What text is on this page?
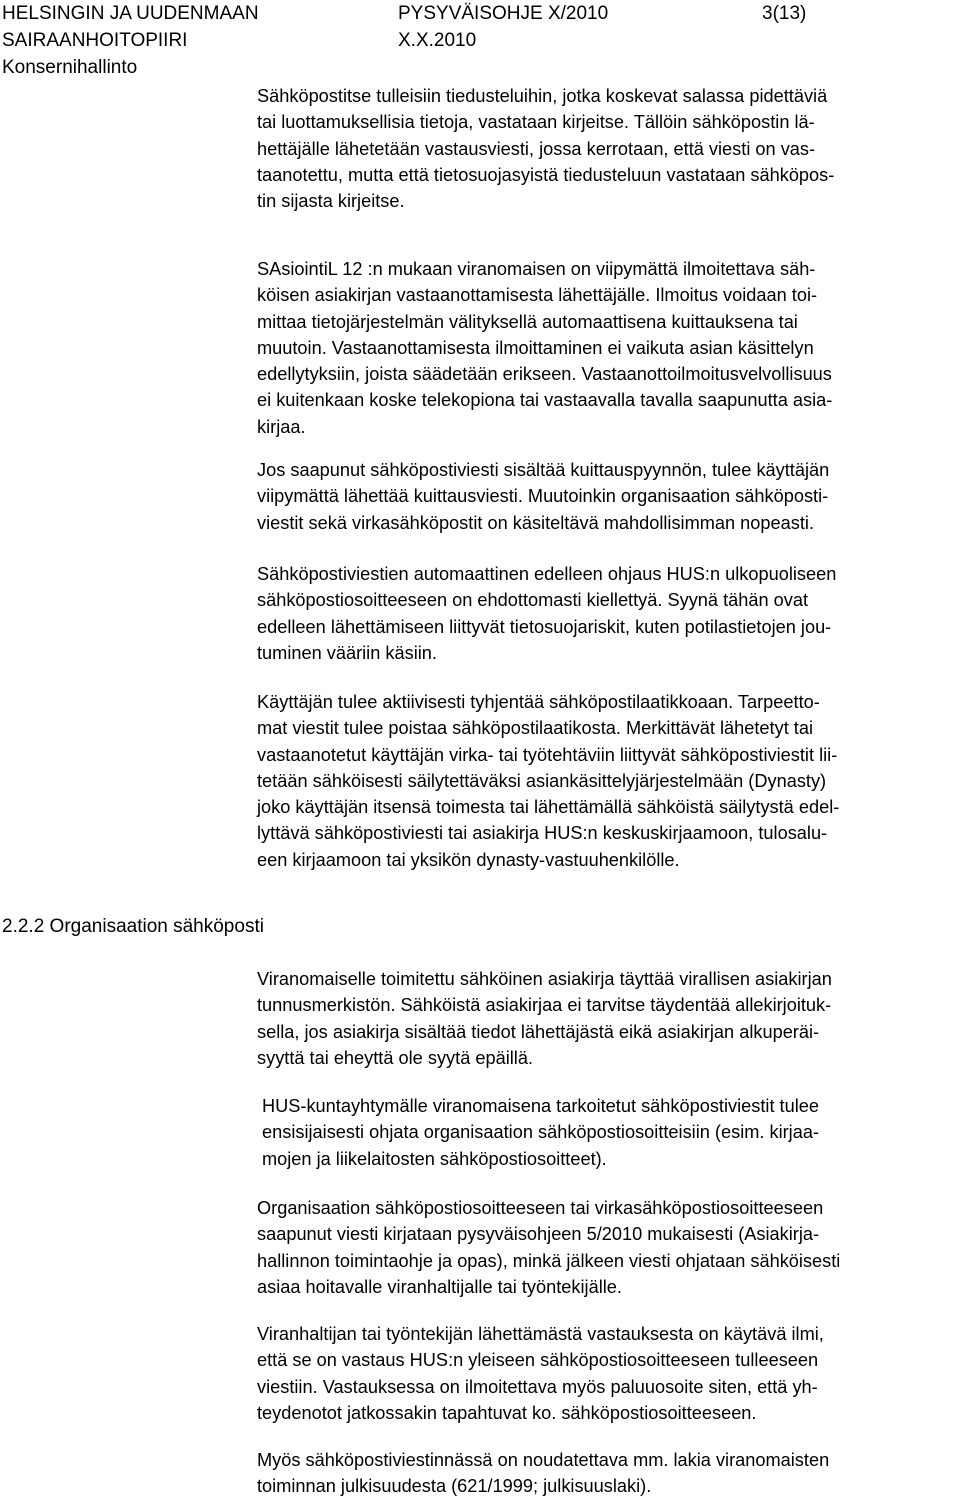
HELSINGIN JA UUDENMAAN
SAIRAANHOITOPIIRI
Konsernihallinto
PYSYVÄISOHJE X/2010
X.X.2010
3(13)

Sähköpostitse tulleisiin tiedusteluihin, jotka koskevat salassa pidettäviä
tai luottamuksellisia tietoja, vastataan kirjeitse. Tällöin sähköpostin lä-
hettäjälle lähetetään vastausviesti, jossa kerrotaan, että viesti on vas-
taanotettu, mutta että tietosuojasyistä tiedusteluun vastataan sähköpos-
tin sijasta kirjeitse.

SAsiointiL 12 :n mukaan viranomaisen on viipymättä ilmoitettava säh-
köisen asiakirjan vastaanottamisesta lähettäjälle. Ilmoitus voidaan toi-
mittaa tietojärjestelmän välityksellä automaattisena kuittauksena tai
muutoin. Vastaanottamisesta ilmoittaminen ei vaikuta asian käsittelyn
edellytyksiin, joista säädetään erikseen. Vastaanottoilmoitusvelvollisuus
ei kuitenkaan koske telekopiona tai vastaavalla tavalla saapunutta asia-
kirjaa.

Jos saapunut sähköpostiviesti sisältää kuittauspyynnön, tulee käyttäjän
viipymättä lähettää kuittausviesti. Muutoinkin organisaation sähköposti-
viestit sekä virkasähköpostit on käsiteltävä mahdollisimman nopeasti.

Sähköpostiviestien automaattinen edelleen ohjaus HUS:n ulkopuoliseen
sähköpostiosoitteeseen on ehdottomasti kiellettyä. Syynä tähän ovat
edelleen lähettämiseen liittyvät tietosuojariskit, kuten potilastietojen jou-
tuminen vääriin käsiin.

Käyttäjän tulee aktiivisesti tyhjentää sähköpostilaatikkoaan. Tarpeetto-
mat viestit tulee poistaa sähköpostilaatikosta. Merkittävät lähetetyt tai
vastaanotetut käyttäjän virka- tai työtehtäviin liittyvät sähköpostiviestit lii-
tetään sähköisesti säilytettäväksi asiankäsittelyjärjestelmään (Dynasty)
joko käyttäjän itsensä toimesta tai lähettämällä sähköistä säilytystä edel-
lyttävä sähköpostiviesti tai asiakirja HUS:n keskuskirjaamoon, tulosalu-
een kirjaamoon tai yksikön dynasty-vastuuhenkilölle.

2.2.2 Organisaation sähköposti

Viranomaiselle toimitettu sähköinen asiakirja täyttää virallisen asiakirjan
tunnusmerkistön. Sähköistä asiakirjaa ei tarvitse täydentää allekirjoituk-
sella, jos asiakirja sisältää tiedot lähettäjästä eikä asiakirjan alkuperäi-
syyttä tai eheyttä ole syytä epäillä.

HUS-kuntayhtymälle viranomaisena tarkoitetut sähköpostiviestit tulee
ensisijaisesti ohjata organisaation sähköpostiosoitteisiin (esim. kirjaa-
mojen ja liikelaitosten sähköpostiosoitteet).

Organisaation sähköpostiosoitteeseen tai virkasähköpostiosoitteeseen
saapunut viesti kirjataan pysyväisohjeen 5/2010 mukaisesti (Asiakirja-
hallinnon toimintaohje ja opas), minkä jälkeen viesti ohjataan sähköisesti
asiaa hoitavalle viranhaltijalle tai työntekijälle.

Viranhaltijan tai työntekijän lähettämästä vastauksesta on käytävä ilmi,
että se on vastaus HUS:n yleiseen sähköpostiosoitteeseen tulleeseen
viestiin. Vastauksessa on ilmoitettava myös paluuosoite siten, että yh-
teydenotot jatkossakin tapahtuvat ko. sähköpostiosoitteeseen.

Myös sähköpostiviestinnässä on noudatettava mm. lakia viranomaisten
toiminnan julkisuudesta (621/1999; julkisuuslaki).
